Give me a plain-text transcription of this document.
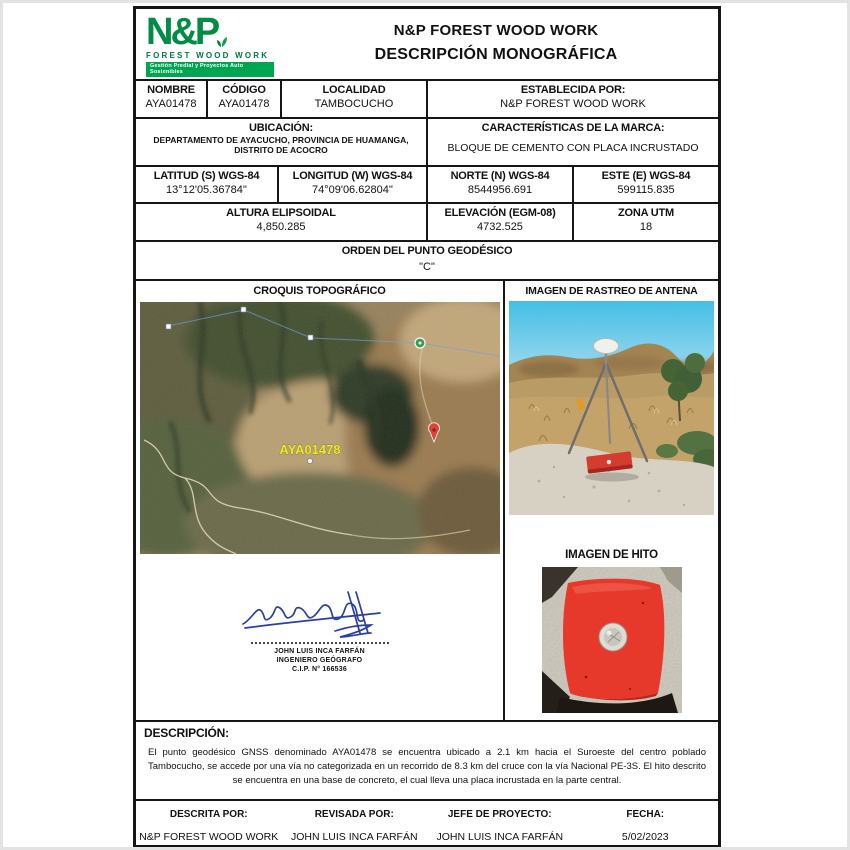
N&P
FOREST WOOD WORK
Gestión Predial y Proyectos Auto Sostenibles
N&P FOREST WOOD WORK
DESCRIPCIÓN MONOGRÁFICA
NOMBRE
AYA01478
CÓDIGO
AYA01478
LOCALIDAD
TAMBOCUCHO
ESTABLECIDA POR:
N&P FOREST WOOD WORK
UBICACIÓN:
DEPARTAMENTO DE AYACUCHO, PROVINCIA DE HUAMANGA, DISTRITO DE ACOCRO
CARACTERÍSTICAS DE LA MARCA:
BLOQUE DE CEMENTO CON PLACA INCRUSTADO
LATITUD (S) WGS-84
13°12'05.36784''
LONGITUD (W) WGS-84
74°09'06.62804''
NORTE (N) WGS-84
8544956.691
ESTE (E) WGS-84
599115.835
ALTURA ELIPSOIDAL
4,850.285
ELEVACIÓN (EGM-08)
4732.525
ZONA UTM
18
ORDEN DEL PUNTO GEODÉSICO
"C"
CROQUIS TOPOGRÁFICO
AYA01478
JOHN LUIS INCA FARFÁN
INGENIERO GEÓGRAFO
C.I.P. N° 166536
IMAGEN DE RASTREO DE ANTENA
IMAGEN DE HITO
DESCRIPCIÓN:
El punto geodésico GNSS denominado AYA01478 se encuentra ubicado a 2.1 km hacia el Suroeste del centro poblado Tambocucho, se accede por una vía no categorizada en un recorrido de 8.3 km del cruce con la vía Nacional PE-3S. El hito descrito se encuentra en una base de concreto, el cual lleva una placa incrustada en la parte central.
DESCRITA POR:
N&P FOREST WOOD WORK
REVISADA POR:
JOHN LUIS INCA FARFÁN
JEFE DE PROYECTO:
JOHN LUIS INCA FARFÁN
FECHA:
5/02/2023
